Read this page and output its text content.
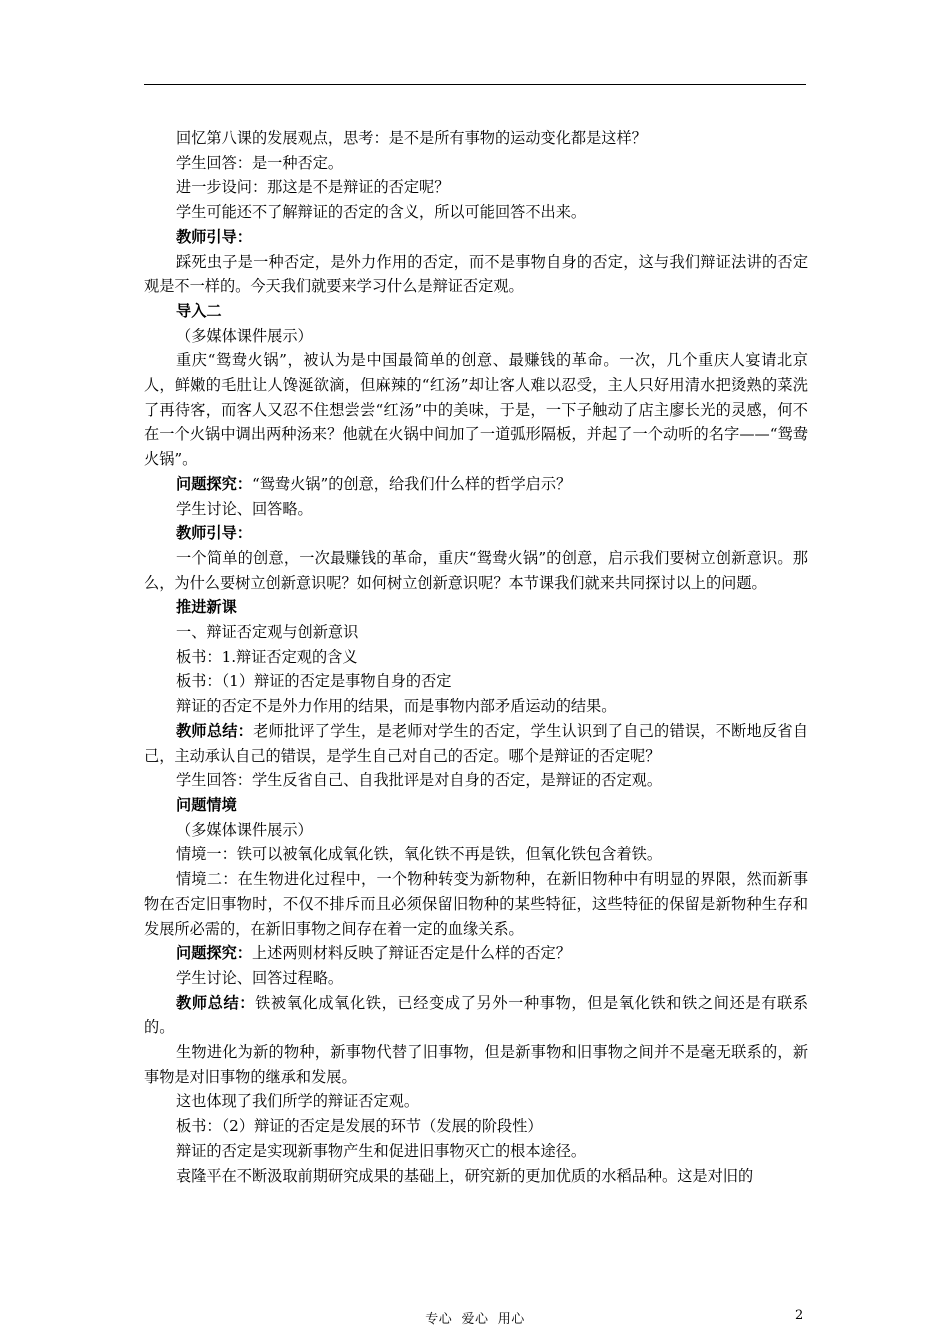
回忆第八课的发展观点，思考：是不是所有事物的运动变化都是这样？

学生回答：是一种否定。

进一步设问：那这是不是辩证的否定呢？

学生可能还不了解辩证的否定的含义，所以可能回答不出来。

教师引导：

踩死虫子是一种否定，是外力作用的否定，而不是事物自身的否定，这与我们辩证法讲的否定观是不一样的。今天我们就要来学习什么是辩证否定观。

导入二

（多媒体课件展示）

重庆“鸳鸯火锅”，被认为是中国最简单的创意、最赚钱的革命。一次，几个重庆人宴请北京人，鲜嫩的毛肚让人馋涎欲滴，但麻辣的“红汤”却让客人难以忍受，主人只好用清水把烫熟的菜洗了再待客，而客人又忍不住想尝尝“红汤”中的美味，于是，一下子触动了店主廖长光的灵感，何不在一个火锅中调出两种汤来？他就在火锅中间加了一道弧形隔板，并起了一个动听的名字——“鸳鸯火锅”。

问题探究：“鸳鸯火锅”的创意，给我们什么样的哲学启示？

学生讨论、回答略。

教师引导：

一个简单的创意，一次最赚钱的革命，重庆“鸳鸯火锅”的创意，启示我们要树立创新意识。那么，为什么要树立创新意识呢？如何树立创新意识呢？本节课我们就来共同探讨以上的问题。

推进新课

一、辩证否定观与创新意识

板书：1.辩证否定观的含义

板书：（1）辩证的否定是事物自身的否定

辩证的否定不是外力作用的结果，而是事物内部矛盾运动的结果。

教师总结：老师批评了学生，是老师对学生的否定，学生认识到了自己的错误，不断地反省自己，主动承认自己的错误，是学生自己对自己的否定。哪个是辩证的否定呢？

学生回答：学生反省自己、自我批评是对自身的否定，是辩证的否定观。

问题情境

（多媒体课件展示）

情境一：铁可以被氧化成氧化铁，氧化铁不再是铁，但氧化铁包含着铁。

情境二：在生物进化过程中，一个物种转变为新物种，在新旧物种中有明显的界限，然而新事物在否定旧事物时，不仅不排斥而且必须保留旧物种的某些特征，这些特征的保留是新物种生存和发展所必需的，在新旧事物之间存在着一定的血缘关系。

问题探究：上述两则材料反映了辩证否定是什么样的否定？

学生讨论、回答过程略。

教师总结：铁被氧化成氧化铁，已经变成了另外一种事物，但是氧化铁和铁之间还是有联系的。

生物进化为新的物种，新事物代替了旧事物，但是新事物和旧事物之间并不是毫无联系的，新事物是对旧事物的继承和发展。

这也体现了我们所学的辩证否定观。

板书：（2）辩证的否定是发展的环节（发展的阶段性）

辩证的否定是实现新事物产生和促进旧事物灭亡的根本途径。

袁隆平在不断汲取前期研究成果的基础上，研究新的更加优质的水稻品种。这是对旧的

专心  爱心  用心	2
